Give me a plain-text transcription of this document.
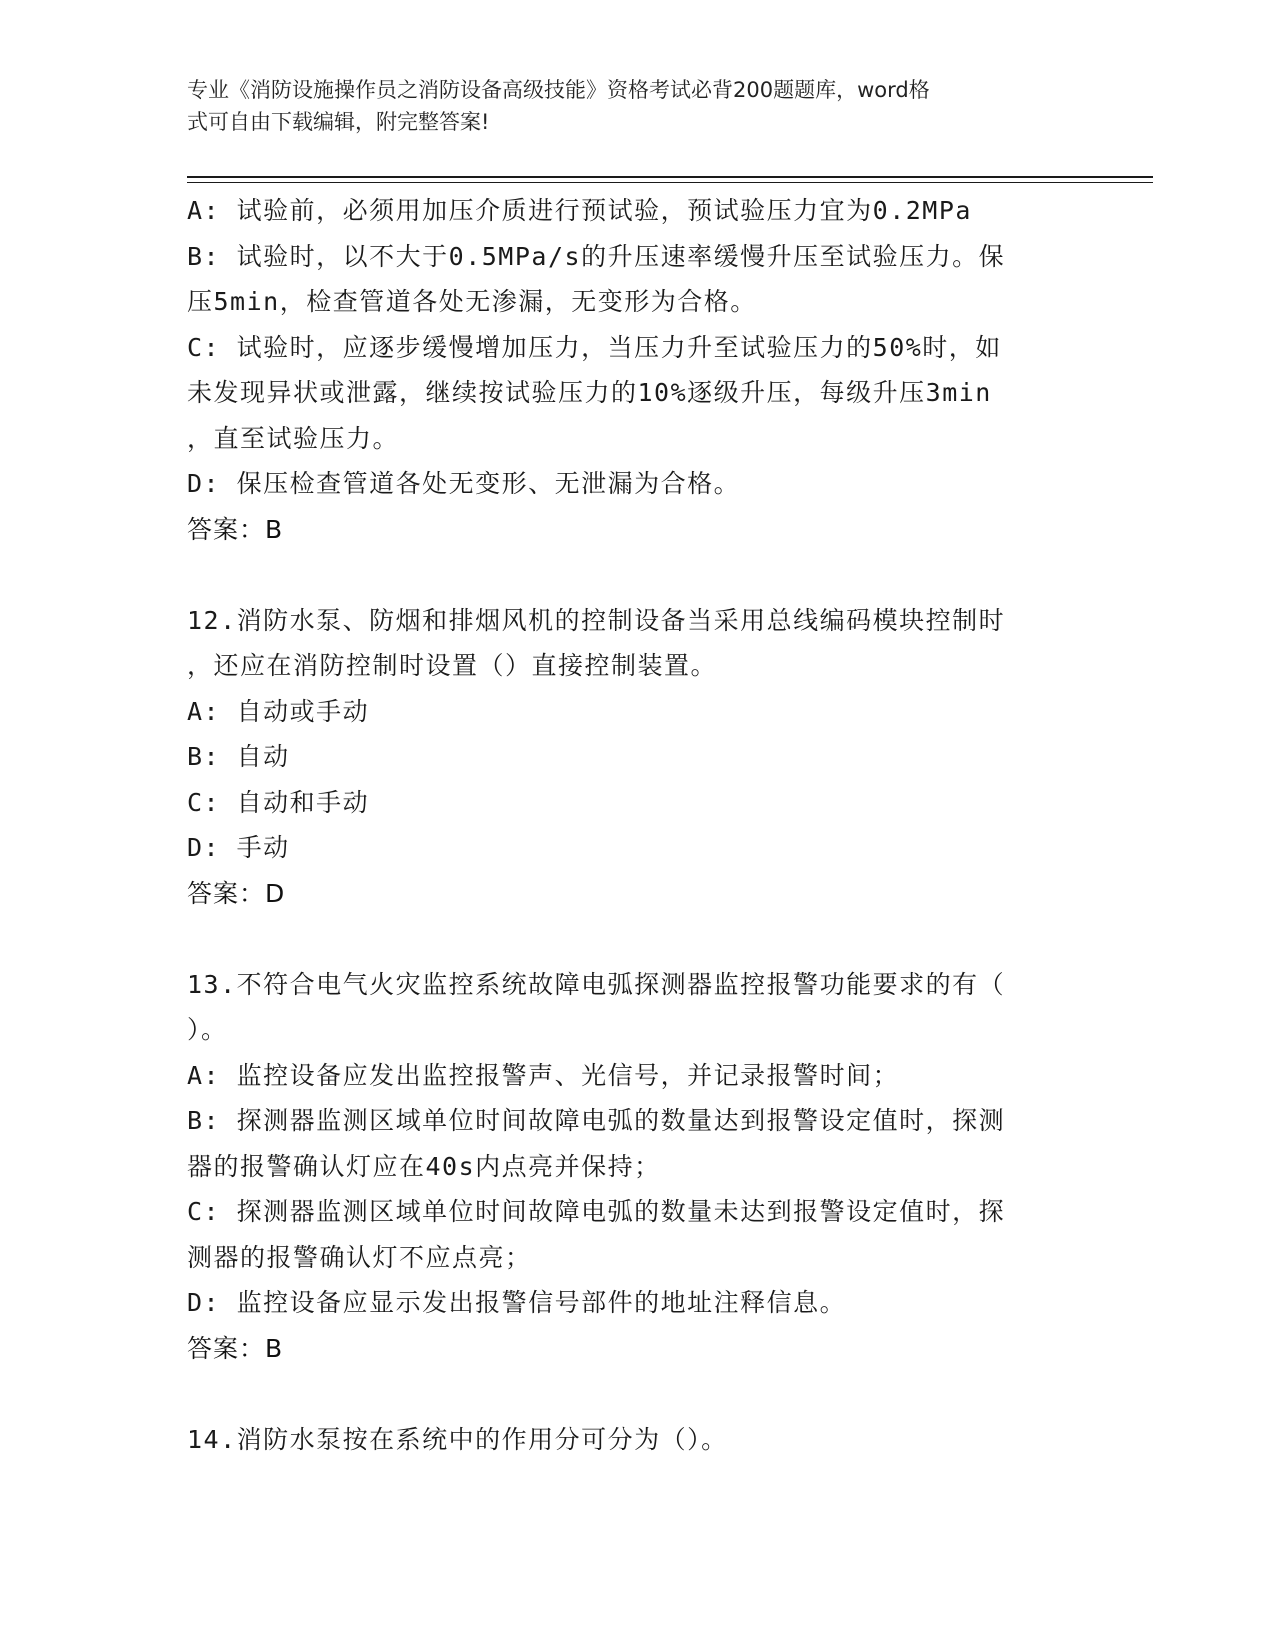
专业《消防设施操作员之消防设备高级技能》资格考试必背200题题库，word格
式可自由下载编辑，附完整答案!
A: 试验前，必须用加压介质进行预试验，预试验压力宜为0.2MPa
B: 试验时，以不大于0.5MPa/s的升压速率缓慢升压至试验压力。保
压5min，检查管道各处无渗漏，无变形为合格。
C: 试验时，应逐步缓慢增加压力，当压力升至试验压力的50%时，如
未发现异状或泄露，继续按试验压力的10%逐级升压，每级升压3min
，直至试验压力。
D: 保压检查管道各处无变形、无泄漏为合格。
答案：B
12.消防水泵、防烟和排烟风机的控制设备当采用总线编码模块控制时
，还应在消防控制时设置（）直接控制装置。
A: 自动或手动
B: 自动
C: 自动和手动
D: 手动
答案：D
13.不符合电气火灾监控系统故障电弧探测器监控报警功能要求的有（
）。
A: 监控设备应发出监控报警声、光信号，并记录报警时间；
B: 探测器监测区域单位时间故障电弧的数量达到报警设定值时，探测
器的报警确认灯应在40s内点亮并保持；
C: 探测器监测区域单位时间故障电弧的数量未达到报警设定值时，探
测器的报警确认灯不应点亮；
D: 监控设备应显示发出报警信号部件的地址注释信息。
答案：B
14.消防水泵按在系统中的作用分可分为（）。
